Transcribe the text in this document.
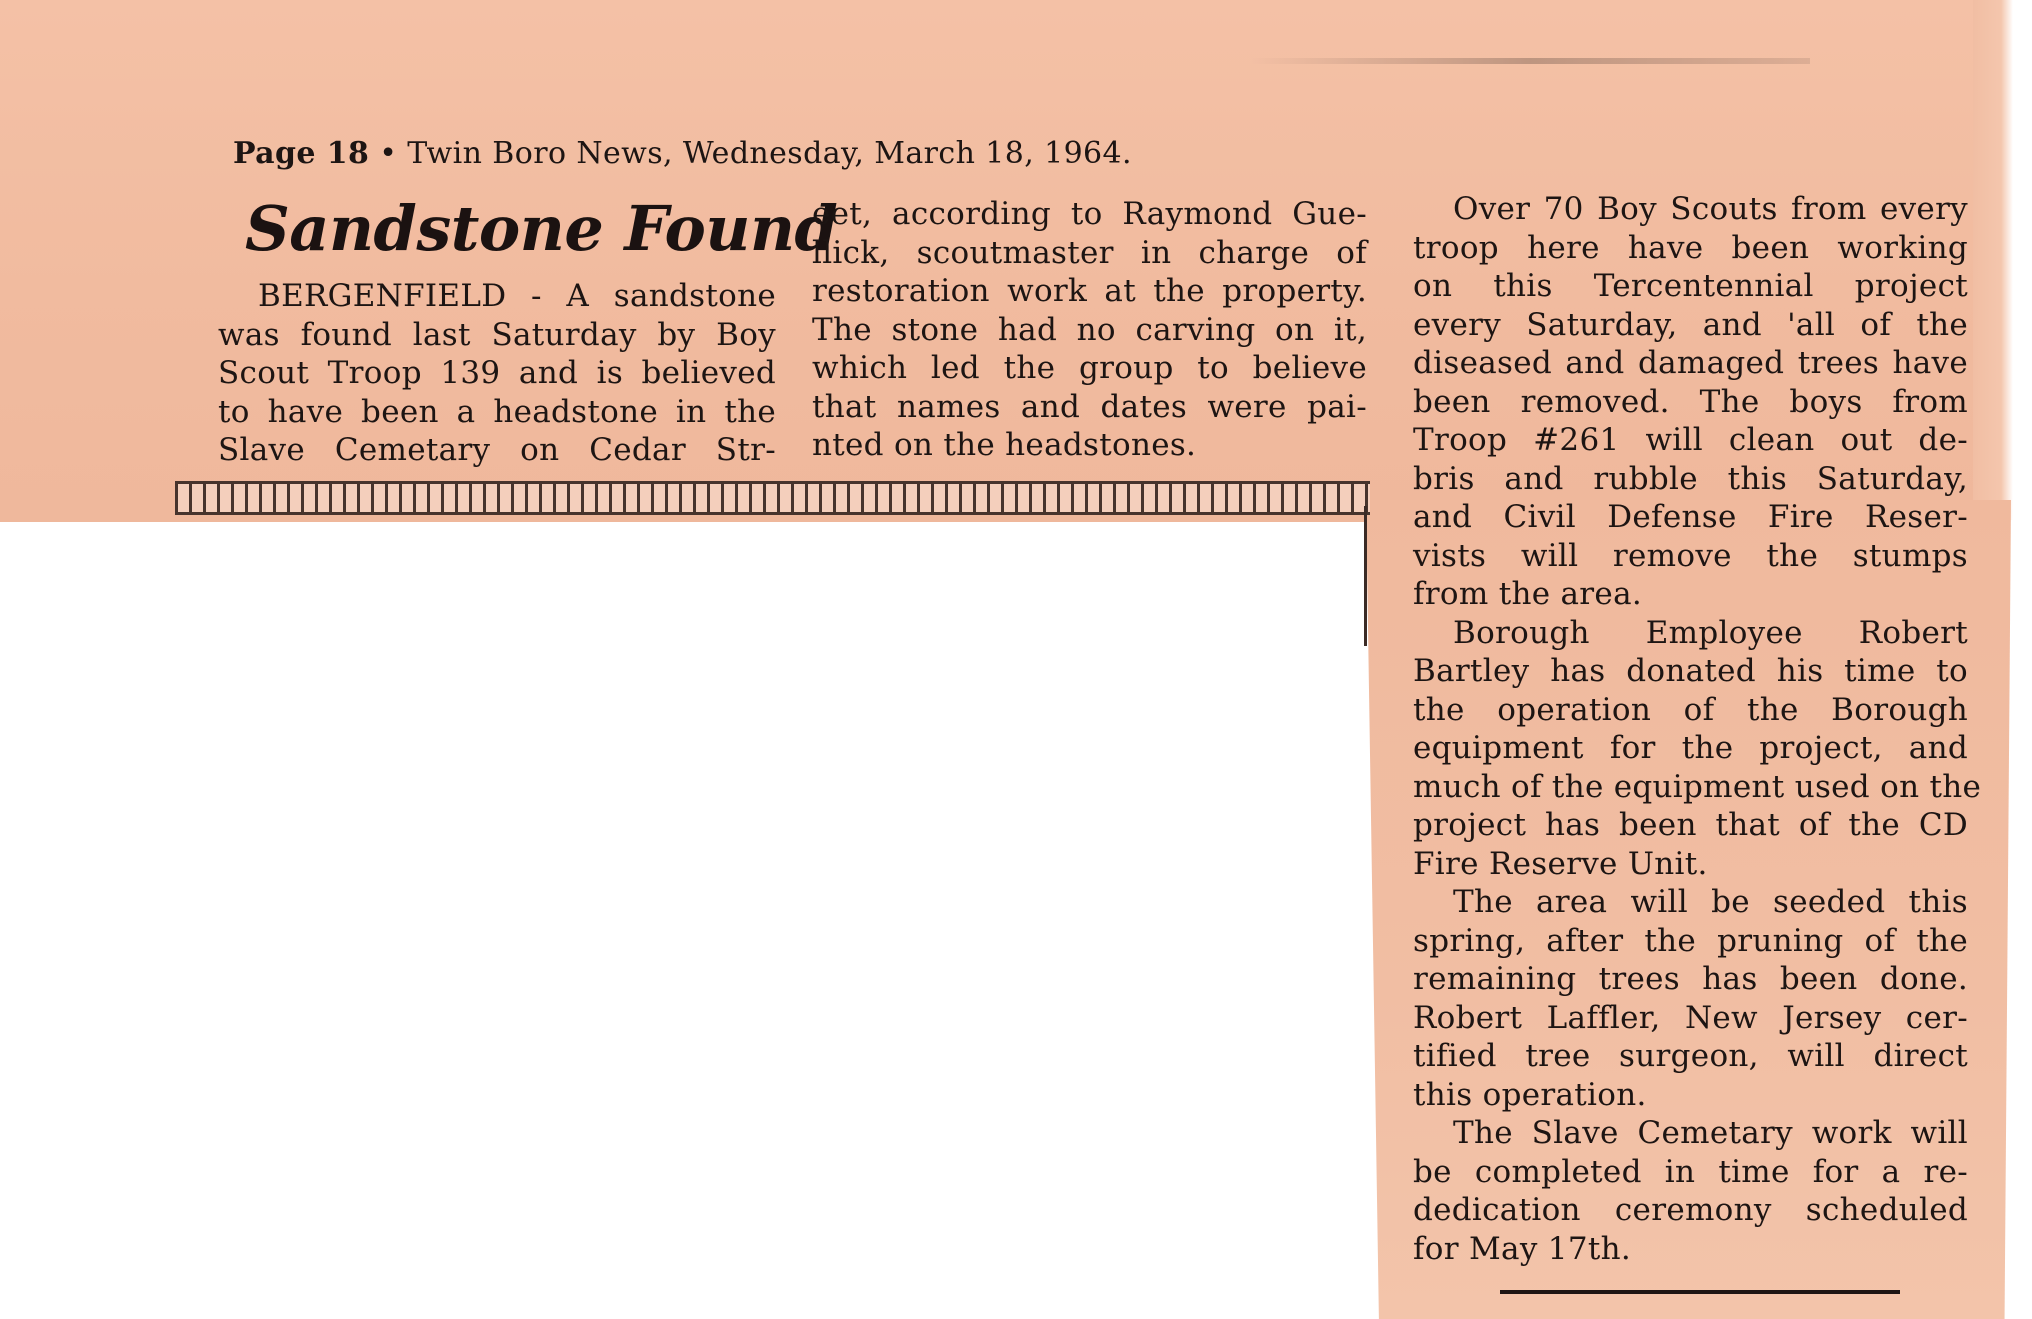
Page 18 • Twin Boro News, Wednesday, March 18, 1964.
Sandstone Found

BERGENFIELD - A sandstone

was found last Saturday by Boy

Scout Troop 139 and is believed

to have been a headstone in the

Slave Cemetary on Cedar Str-

eet, according to Raymond Gue-

llick, scoutmaster in charge of

restoration work at the property.

The stone had no carving on it,

which led the group to believe

that names and dates were pai-

nted on the headstones.

Over 70 Boy Scouts from every

troop here have been working

on this Tercentennial project

every Saturday, and 'all of the

diseased and damaged trees have

been removed. The boys from

Troop #261 will clean out de-

bris and rubble this Saturday,

and Civil Defense Fire Reser-

vists will remove the stumps

from the area.

Borough Employee Robert

Bartley has donated his time to

the operation of the Borough

equipment for the project, and

much of the equipment used on the

project has been that of the CD

Fire Reserve Unit.

The area will be seeded this

spring, after the pruning of the

remaining trees has been done.

Robert Laffler, New Jersey cer-

tified tree surgeon, will direct

this operation.

The Slave Cemetary work will

be completed in time for a re-

dedication ceremony scheduled

for May 17th.
